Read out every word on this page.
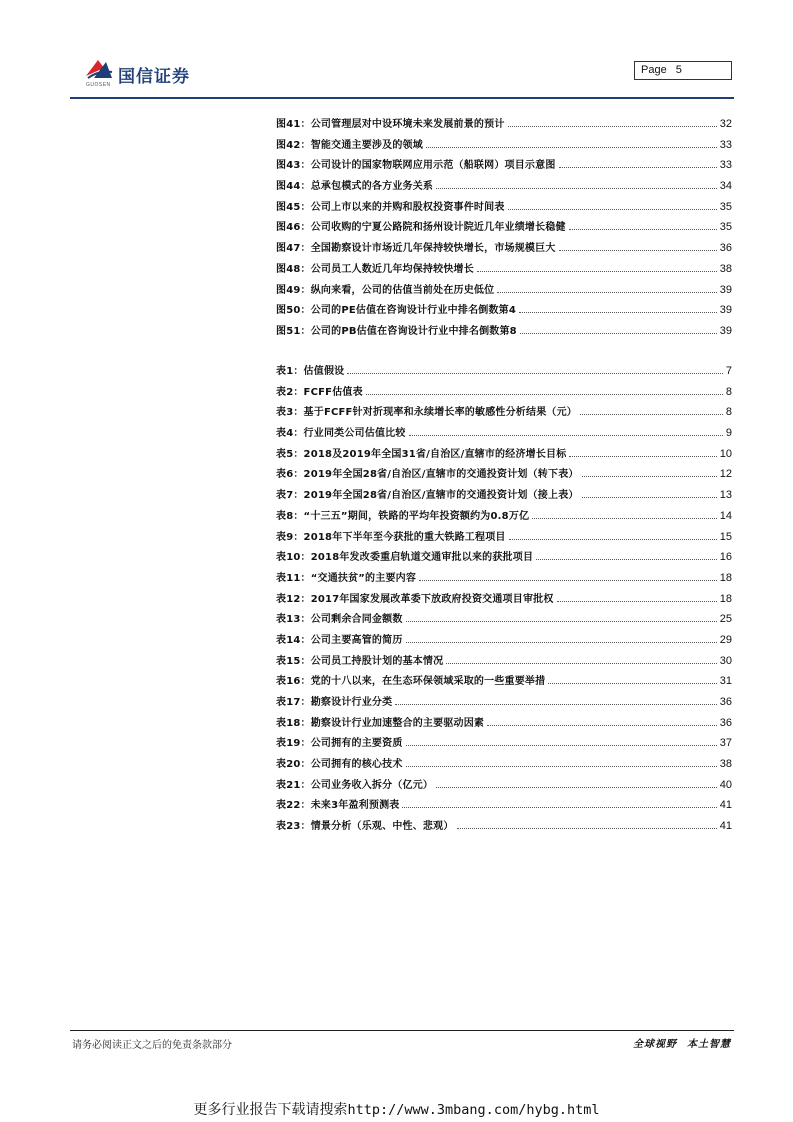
国信证券
GUOSEN
Page 5
图41：公司管理层对中设环境未来发展前景的预计	32
图42：智能交通主要涉及的领域	33
图43：公司设计的国家物联网应用示范（船联网）项目示意图	33
图44：总承包模式的各方业务关系	34
图45：公司上市以来的并购和股权投资事件时间表	35
图46：公司收购的宁夏公路院和扬州设计院近几年业绩增长稳健	35
图47：全国勘察设计市场近几年保持较快增长，市场规模巨大	36
图48：公司员工人数近几年均保持较快增长	38
图49：纵向来看，公司的估值当前处在历史低位	39
图50：公司的PE估值在咨询设计行业中排名倒数第4	39
图51：公司的PB估值在咨询设计行业中排名倒数第8	39
表1：估值假设	7
表2：FCFF估值表	8
表3：基于FCFF针对折现率和永续增长率的敏感性分析结果（元）	8
表4：行业同类公司估值比较	9
表5：2018及2019年全国31省/自治区/直辖市的经济增长目标	10
表6：2019年全国28省/自治区/直辖市的交通投资计划（转下表）	12
表7：2019年全国28省/自治区/直辖市的交通投资计划（接上表）	13
表8：“十三五”期间，铁路的平均年投资额约为0.8万亿	14
表9：2018年下半年至今获批的重大铁路工程项目	15
表10：2018年发改委重启轨道交通审批以来的获批项目	16
表11：“交通扶贫”的主要内容	18
表12：2017年国家发展改革委下放政府投资交通项目审批权	18
表13：公司剩余合同金额数	25
表14：公司主要高管的简历	29
表15：公司员工持股计划的基本情况	30
表16：党的十八以来，在生态环保领域采取的一些重要举措	31
表17：勘察设计行业分类	36
表18：勘察设计行业加速整合的主要驱动因素	36
表19：公司拥有的主要资质	37
表20：公司拥有的核心技术	38
表21：公司业务收入拆分（亿元）	40
表22：未来3年盈利预测表	41
表23：情景分析（乐观、中性、悲观）	41
请务必阅读正文之后的免责条款部分	全球视野 本土智慧
更多行业报告下载请搜索http://www.3mbang.com/hybg.html
